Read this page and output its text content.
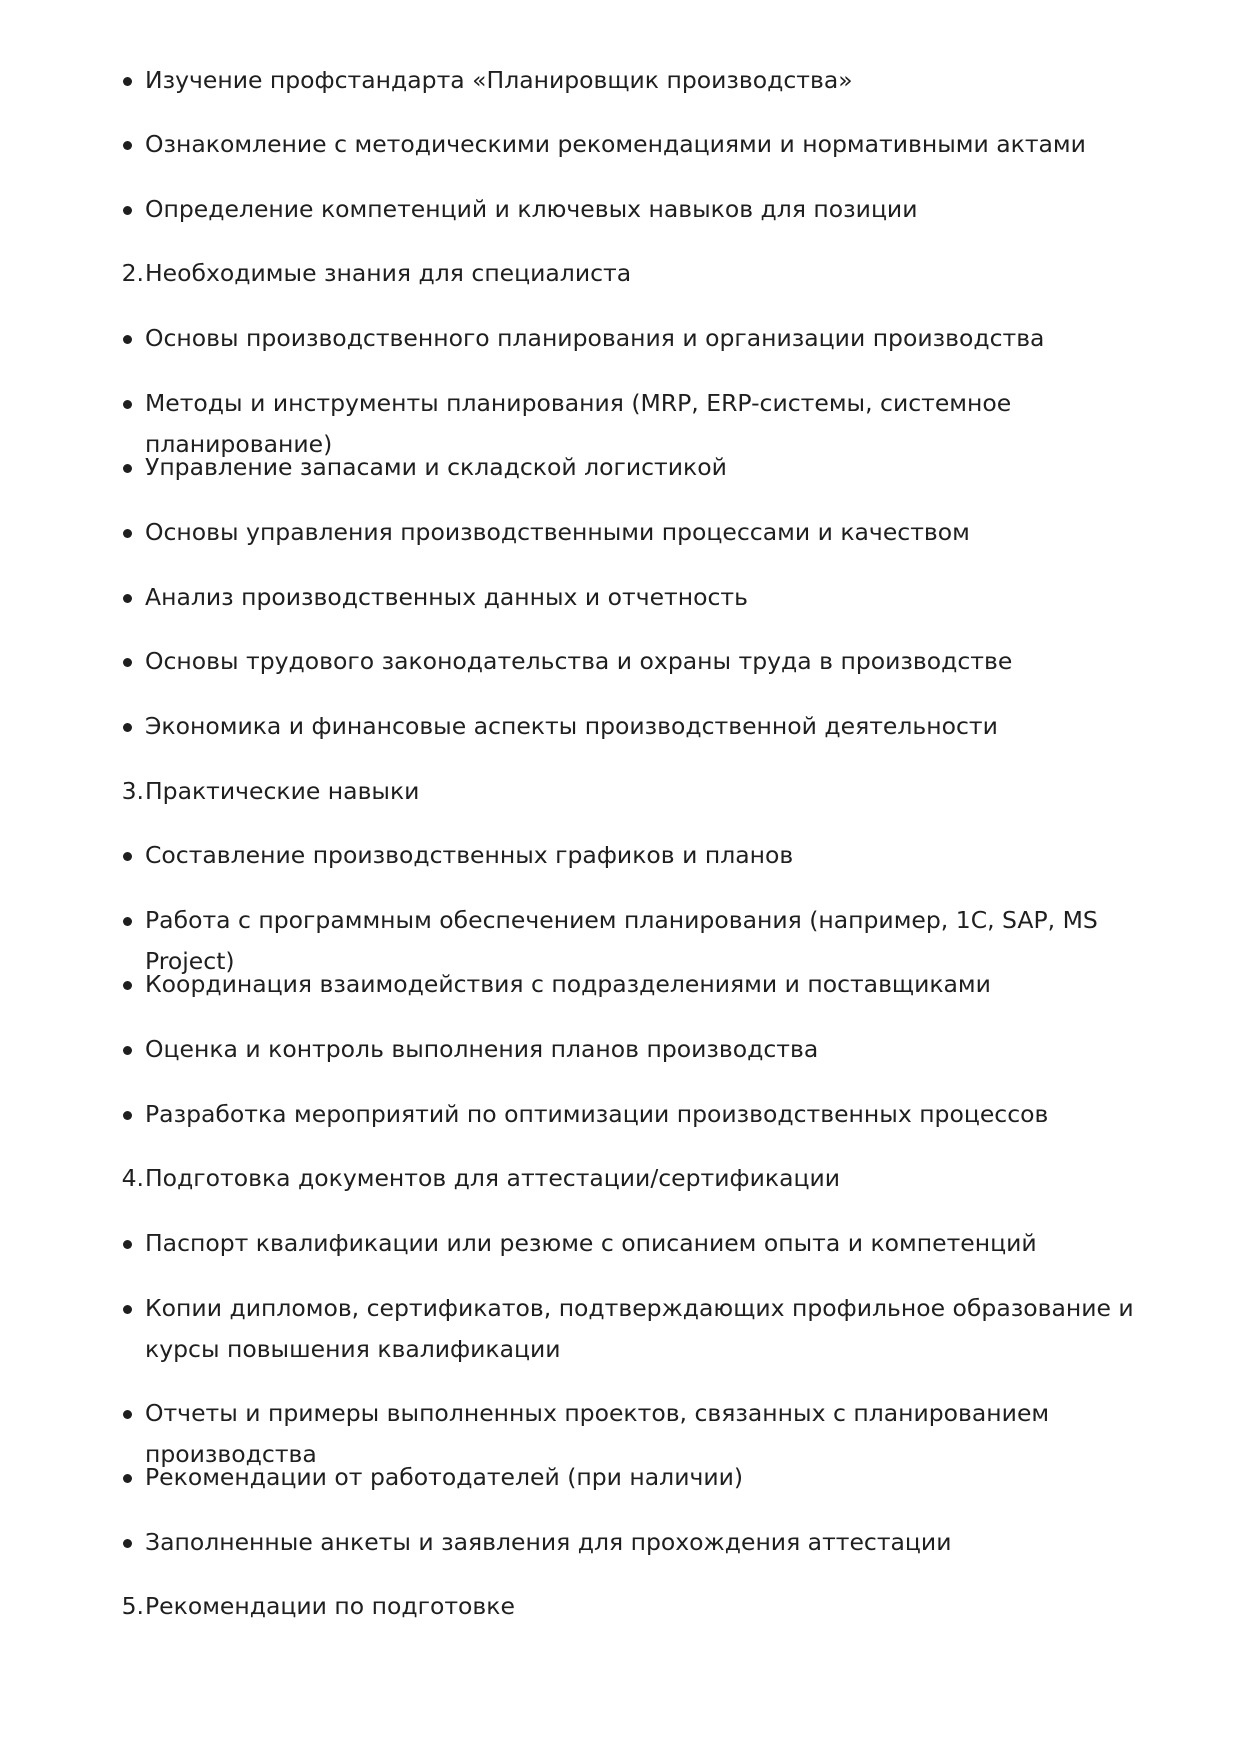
Изучение профстандарта «Планировщик производства»
Ознакомление с методическими рекомендациями и нормативными актами
Определение компетенций и ключевых навыков для позиции
2. Необходимые знания для специалиста
Основы производственного планирования и организации производства
Методы и инструменты планирования (MRP, ERP-системы, системное планирование)
Управление запасами и складской логистикой
Основы управления производственными процессами и качеством
Анализ производственных данных и отчетность
Основы трудового законодательства и охраны труда в производстве
Экономика и финансовые аспекты производственной деятельности
3. Практические навыки
Составление производственных графиков и планов
Работа с программным обеспечением планирования (например, 1С, SAP, MS Project)
Координация взаимодействия с подразделениями и поставщиками
Оценка и контроль выполнения планов производства
Разработка мероприятий по оптимизации производственных процессов
4. Подготовка документов для аттестации/сертификации
Паспорт квалификации или резюме с описанием опыта и компетенций
Копии дипломов, сертификатов, подтверждающих профильное образование и курсы повышения квалификации
Отчеты и примеры выполненных проектов, связанных с планированием производства
Рекомендации от работодателей (при наличии)
Заполненные анкеты и заявления для прохождения аттестации
5. Рекомендации по подготовке
